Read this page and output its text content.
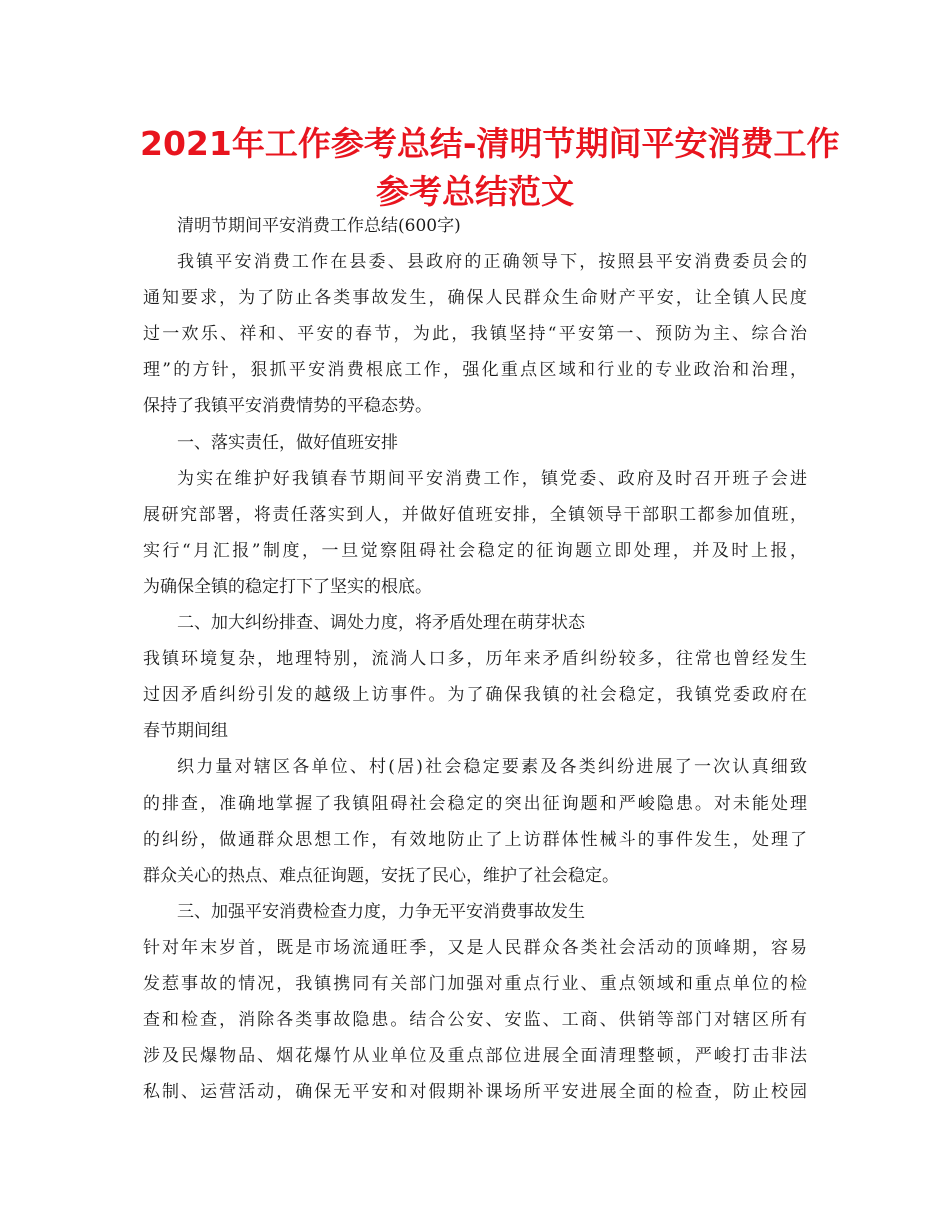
2021年工作参考总结-清明节期间平安消费工作
参考总结范文
清明节期间平安消费工作总结(600字)
我镇平安消费工作在县委、县政府的正确领导下，按照县平安消费委员会的
通知要求，为了防止各类事故发生，确保人民群众生命财产平安，让全镇人民度
过一欢乐、祥和、平安的春节，为此，我镇坚持“平安第一、预防为主、综合治
理”的方针，狠抓平安消费根底工作，强化重点区域和行业的专业政治和治理，
保持了我镇平安消费情势的平稳态势。
一、落实责任，做好值班安排
为实在维护好我镇春节期间平安消费工作，镇党委、政府及时召开班子会进
展研究部署，将责任落实到人，并做好值班安排，全镇领导干部职工都参加值班，
实行“月汇报”制度，一旦觉察阻碍社会稳定的征询题立即处理，并及时上报，
为确保全镇的稳定打下了坚实的根底。
二、加大纠纷排查、调处力度，将矛盾处理在萌芽状态
我镇环境复杂，地理特别，流淌人口多，历年来矛盾纠纷较多，往常也曾经发生
过因矛盾纠纷引发的越级上访事件。为了确保我镇的社会稳定，我镇党委政府在
春节期间组
织力量对辖区各单位、村(居)社会稳定要素及各类纠纷进展了一次认真细致
的排查，准确地掌握了我镇阻碍社会稳定的突出征询题和严峻隐患。对未能处理
的纠纷，做通群众思想工作，有效地防止了上访群体性械斗的事件发生，处理了
群众关心的热点、难点征询题，安抚了民心，维护了社会稳定。
三、加强平安消费检查力度，力争无平安消费事故发生
针对年末岁首，既是市场流通旺季，又是人民群众各类社会活动的顶峰期，容易
发惹事故的情况，我镇携同有关部门加强对重点行业、重点领域和重点单位的检
查和检查，消除各类事故隐患。结合公安、安监、工商、供销等部门对辖区所有
涉及民爆物品、烟花爆竹从业单位及重点部位进展全面清理整顿，严峻打击非法
私制、运营活动，确保无平安和对假期补课场所平安进展全面的检查，防止校园
